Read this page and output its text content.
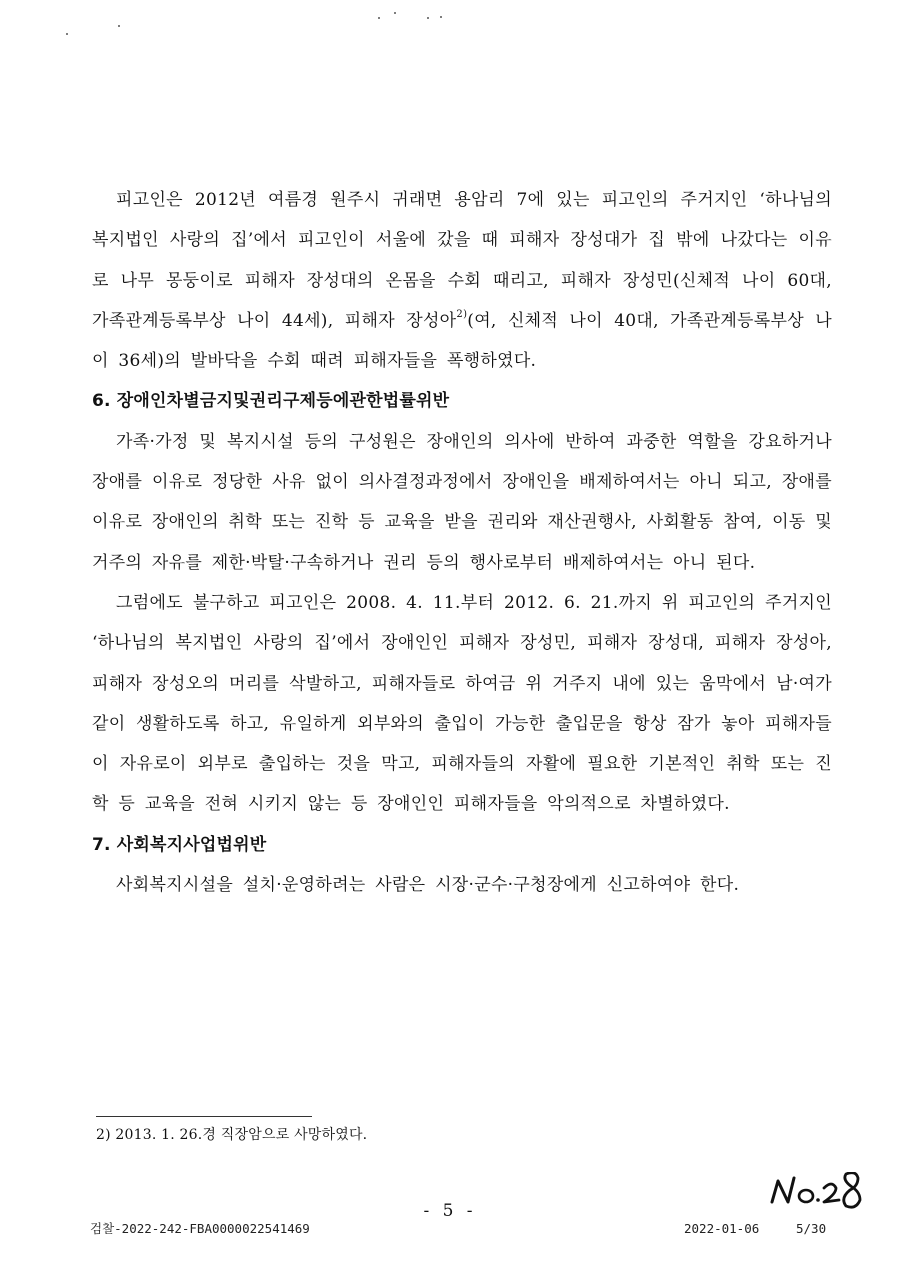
피고인은 2012년 여름경 원주시 귀래면 용암리 7에 있는 피고인의 주거지인 ‘하나님의 복지법인 사랑의 집’에서 피고인이 서울에 갔을 때 피해자 장성대가 집 밖에 나갔다는 이유로 나무 몽둥이로 피해자 장성대의 온몸을 수회 때리고, 피해자 장성민(신체적 나이 60대, 가족관계등록부상 나이 44세), 피해자 장성아$^{2)}$(여, 신체적 나이 40대, 가족관계등록부상 나이 36세)의 발바닥을 수회 때려 피해자들을 폭행하였다.

6. 장애인차별금지및권리구제등에관한법률위반

가족·가정 및 복지시설 등의 구성원은 장애인의 의사에 반하여 과중한 역할을 강요하거나 장애를 이유로 정당한 사유 없이 의사결정과정에서 장애인을 배제하여서는 아니 되고, 장애를 이유로 장애인의 취학 또는 진학 등 교육을 받을 권리와 재산권행사, 사회활동 참여, 이동 및 거주의 자유를 제한·박탈·구속하거나 권리 등의 행사로부터 배제하여서는 아니 된다.

그럼에도 불구하고 피고인은 2008. 4. 11.부터 2012. 6. 21.까지 위 피고인의 주거지인 ‘하나님의 복지법인 사랑의 집’에서 장애인인 피해자 장성민, 피해자 장성대, 피해자 장성아, 피해자 장성오의 머리를 삭발하고, 피해자들로 하여금 위 거주지 내에 있는 움막에서 남·여가 같이 생활하도록 하고, 유일하게 외부와의 출입이 가능한 출입문을 항상 잠가 놓아 피해자들이 자유로이 외부로 출입하는 것을 막고, 피해자들의 자활에 필요한 기본적인 취학 또는 진학 등 교육을 전혀 시키지 않는 등 장애인인 피해자들을 악의적으로 차별하였다.

7. 사회복지사업법위반

사회복지시설을 설치·운영하려는 사람은 시장·군수·구청장에게 신고하여야 한다.

2) 2013. 1. 26.경 직장암으로 사망하였다.
- 5 -
검찰-2022-242-FBA0000022541469	2022-01-06	5/30
